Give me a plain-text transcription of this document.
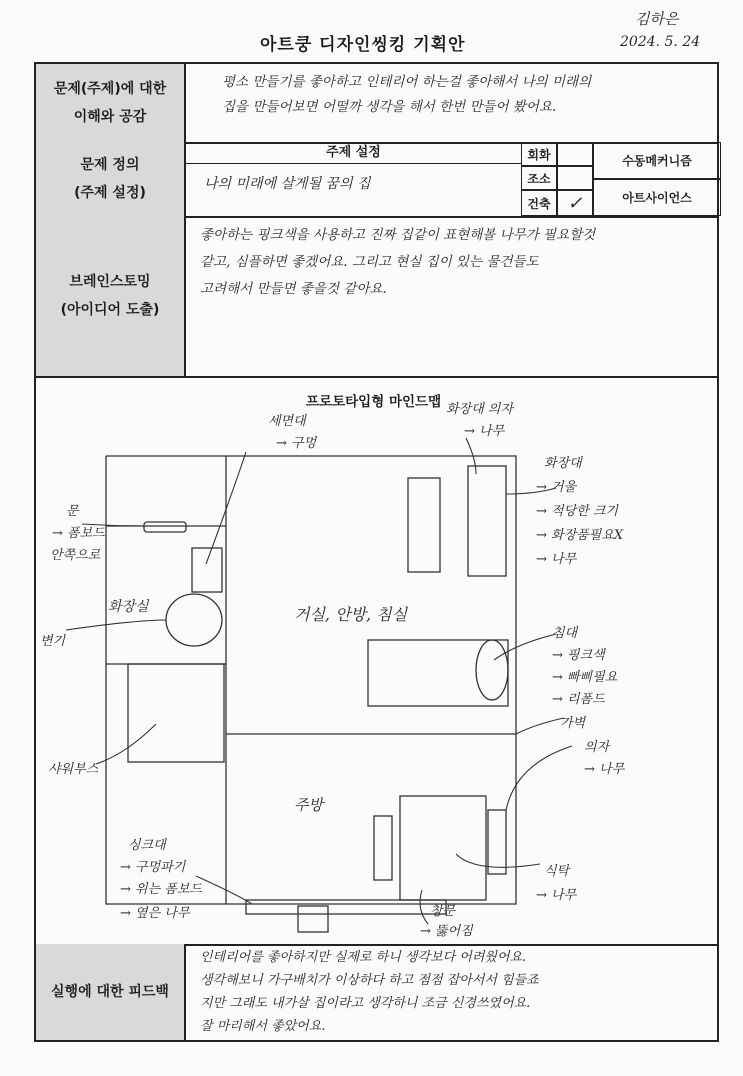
아트쿵 디자인씽킹 기획안
김하은
2024. 5. 24
문제(주제)에 대한
이해와 공감
평소 만들기를 좋아하고 인테리어 하는걸 좋아해서 나의 미래의
집을 만들어보면 어떨까 생각을 해서 한번 만들어 봤어요.
문제 정의
(주제 설정)
주제 설정
나의 미래에 살게될 꿈의 집
회화
조소
건축 ✓
수동메커니즘
아트사이언스
브레인스토밍
(아이디어 도출)
좋아하는 핑크색을 사용하고 진짜 집같이 표현해볼 나무가 필요할것
같고, 심플하면 좋겠어요. 그리고 현실 집이 있는 물건들도
고려해서 만들면 좋을것 같아요.
프로토타입형 마인드맵
세면대
→ 구멍
화장대 의자
→ 나무
화장대
→ 거울
→ 적당한 크기
→ 화장품필요X
→ 나무
문
→ 폼보드
안쪽으로
화장실
변기
샤워부스
거실, 안방, 침실
침대
→ 핑크색
→ 빠삐필요
→ 리폼드
가벽
의자
→ 나무
주방
싱크대
→ 구멍파기
→ 위는 폼보드
→ 옆은 나무	창문
→ 뚫어짐
식탁
→ 나무
실행에 대한 피드백
인테리어를 좋아하지만 실제로 하니 생각보다 어려웠어요.
생각해보니 가구배치가 이상하다 하고 점점 잡아서서 힘들죠
지만 그래도 내가살 집이라고 생각하니 조금 신경쓰였어요.
잘 마리해서 좋았어요.
